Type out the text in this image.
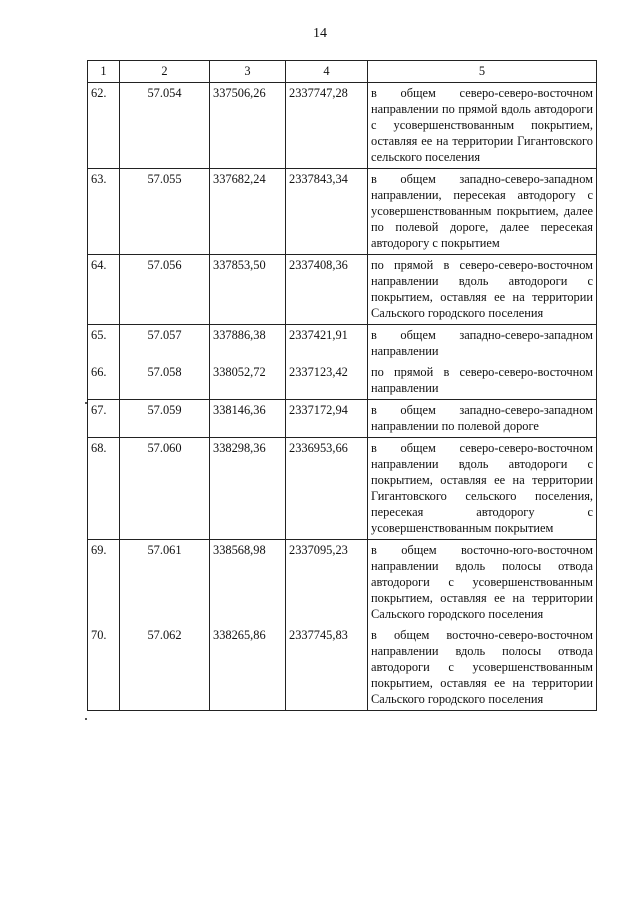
14
1	2	3	4	5
62.	57.054	337506,26	2337747,28	в общем северо-северо-восточном направлении по прямой вдоль автодороги с усовершенствованным покрытием, оставляя ее на территории Гигантовского сельского поселения
63.	57.055	337682,24	2337843,34	в общем западно-северо-западном направлении, пересекая автодорогу с усовершенствованным покрытием, далее по полевой дороге, далее пересекая автодорогу с покрытием
64.	57.056	337853,50	2337408,36	по прямой в северо-северо-восточном направлении вдоль автодороги с покрытием, оставляя ее на территории Сальского городского поселения
65.	57.057	337886,38	2337421,91	в общем западно-северо-западном направлении
66.	57.058	338052,72	2337123,42	по прямой в северо-северо-восточном направлении
67.	57.059	338146,36	2337172,94	в общем западно-северо-западном направлении по полевой дороге
68.	57.060	338298,36	2336953,66	в общем северо-северо-восточном направлении вдоль автодороги с покрытием, оставляя ее на территории Гигантовского сельского поселения, пересекая автодорогу с усовершенствованным покрытием
69.	57.061	338568,98	2337095,23	в общем восточно-юго-восточном направлении вдоль полосы отвода автодороги с усовершенствованным покрытием, оставляя ее на территории Сальского городского поселения
70.	57.062	338265,86	2337745,83	в общем восточно-северо-восточном направлении вдоль полосы отвода автодороги с усовершенствованным покрытием, оставляя ее на территории Сальского городского поселения
